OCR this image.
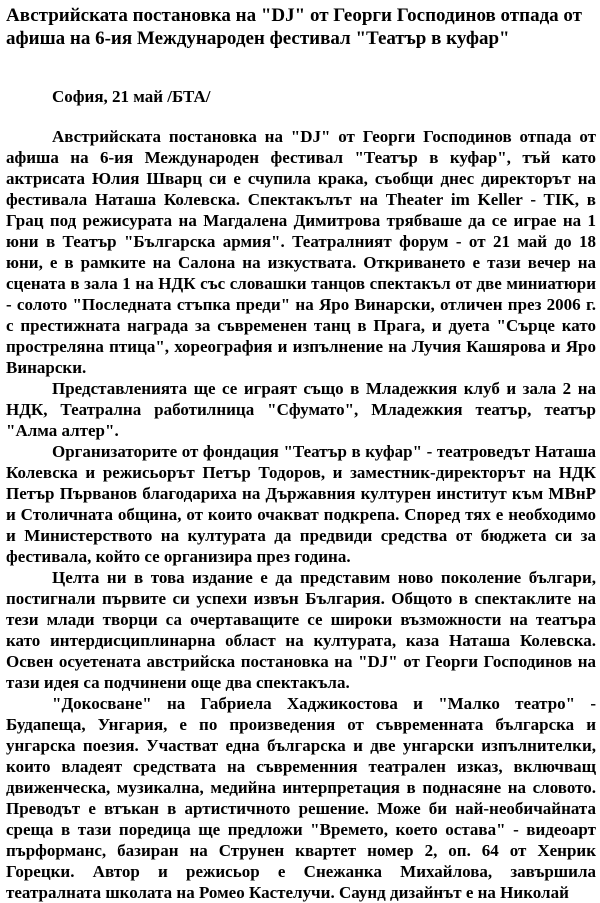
Австрийската постановка на "DJ" от Георги Господинов отпада от афиша на 6-ия Международен фестивал "Театър в куфар"
София, 21 май /БТА/

Австрийската постановка на "DJ" от Георги Господинов отпада от афиша на 6-ия Международен фестивал "Театър в куфар", тъй като актрисата Юлия Шварц си е счупила крака, съобщи днес директорът на фестивала Наташа Колевска. Спектакълът на Theater im Keller - TIK, в Грац под режисурата на Магдалена Димитрова трябваше да се играе на 1 юни в Театър "Българска армия". Театралният форум - от 21 май до 18 юни, е в рамките на Салона на изкуствата. Откриването е тази вечер на сцената в зала 1 на НДК със словашки танцов спектакъл от две миниатюри - солото "Последната стъпка преди" на Яро Винарски, отличен през 2006 г. с престижната награда за съвременен танц в Прага, и дуета "Сърце като простреляна птица", хореография и изпълнение на Лучия Кашярова и Яро Винарски.

Представленията ще се играят също в Младежкия клуб и зала 2 на НДК, Театрална работилница "Сфумато", Младежкия театър, театър "Алма алтер".

Организаторите от фондация "Театър в куфар" - театроведът Наташа Колевска и режисьорът Петър Тодоров, и заместник-директорът на НДК Петър Първанов благодариха на Държавния културен институт към МВнР и Столичната община, от които очакват подкрепа. Според тях е необходимо и Министерството на културата да предвиди средства от бюджета си за фестивала, който се организира през година.

Целта ни в това издание е да представим ново поколение българи, постигнали първите си успехи извън България. Общото в спектаклите на тези млади творци са очертаващите се широки възможности на театъра като интердисциплинарна област на културата, каза Наташа Колевска. Освен осуетената австрийска постановка на "DJ" от Георги Господинов на тази идея са подчинени още два спектакъла.

"Докосване" на Габриела Хаджикостова и "Малко театро" - Будапеща, Унгария, е по произведения от съвременната българска и унгарска поезия. Участват една българска и две унгарски изпълнителки, които владеят средствата на съвременния театрален изказ, включващ движенческа, музикална, медийна интерпретация в поднасяне на словото. Преводът е втъкан в артистичното решение. Може би най-необичайната среща в тази поредица ще предложи "Времето, което остава" - видеоарт пърформанс, базиран на Струнен квартет номер 2, оп. 64 от Хенрик Горецки. Автор и режисьор е Снежанка Михайлова, завършила театралната школата на Ромео Кастелучи. Саунд дизайнът е на Николай
